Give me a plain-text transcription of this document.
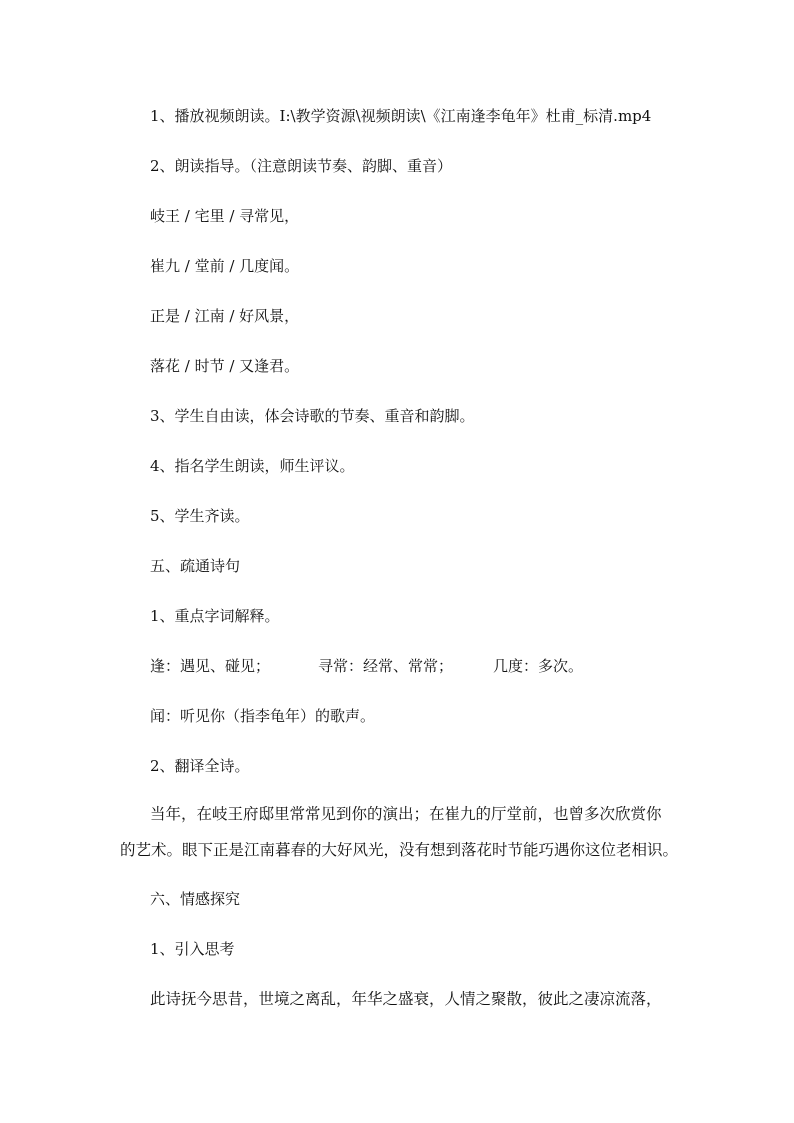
1、播放视频朗读。I:\教学资源\视频朗读\《江南逢李龟年》杜甫_标清.mp4
2、朗读指导。（注意朗读节奏、韵脚、重音）
岐王 / 宅里 / 寻常见，
崔九 / 堂前 / 几度闻。
正是 / 江南 / 好风景，
落花 / 时节 / 又逢君。
3、学生自由读，体会诗歌的节奏、重音和韵脚。
4、指名学生朗读，师生评议。
5、学生齐读。
五、疏通诗句
1、重点字词解释。
逢：遇见、碰见；	寻常：经常、常常；	几度：多次。
闻：听见你（指李龟年）的歌声。
2、翻译全诗。
当年，在岐王府邸里常常见到你的演出；在崔九的厅堂前，也曾多次欣赏你
的艺术。眼下正是江南暮春的大好风光，没有想到落花时节能巧遇你这位老相识。
六、情感探究
1、引入思考
此诗抚今思昔，世境之离乱，年华之盛衰，人情之聚散，彼此之凄凉流落，
